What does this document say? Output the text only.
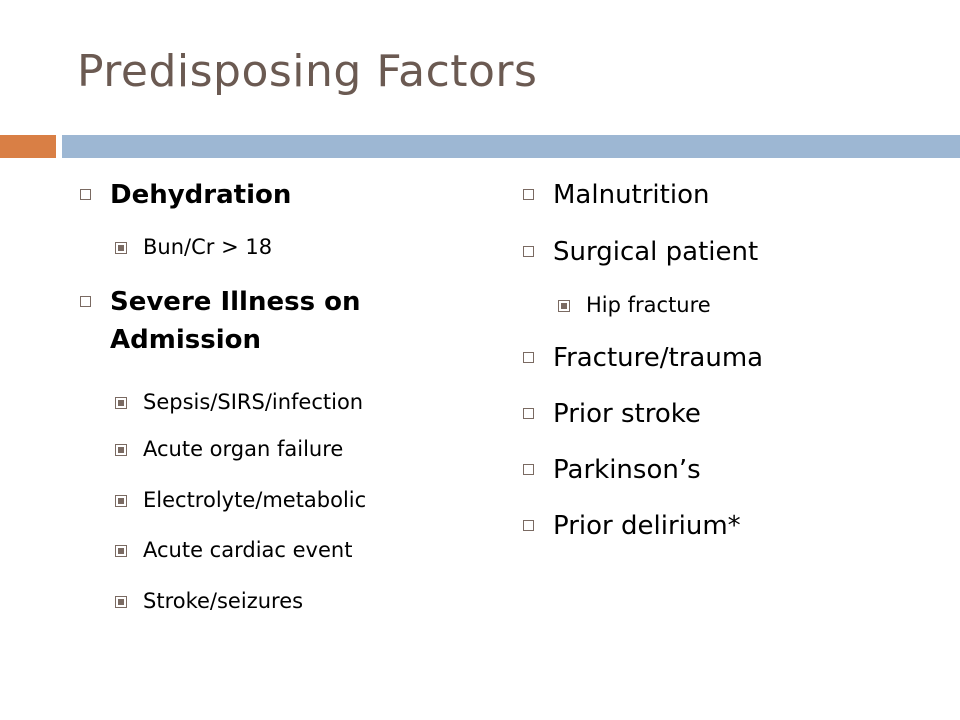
Predisposing Factors
Dehydration
Bun/Cr > 18
Severe Illness on Admission
Sepsis/SIRS/infection
Acute organ failure
Electrolyte/metabolic
Acute cardiac event
Stroke/seizures
Malnutrition
Surgical patient
Hip fracture
Fracture/trauma
Prior stroke
Parkinson’s
Prior delirium*
